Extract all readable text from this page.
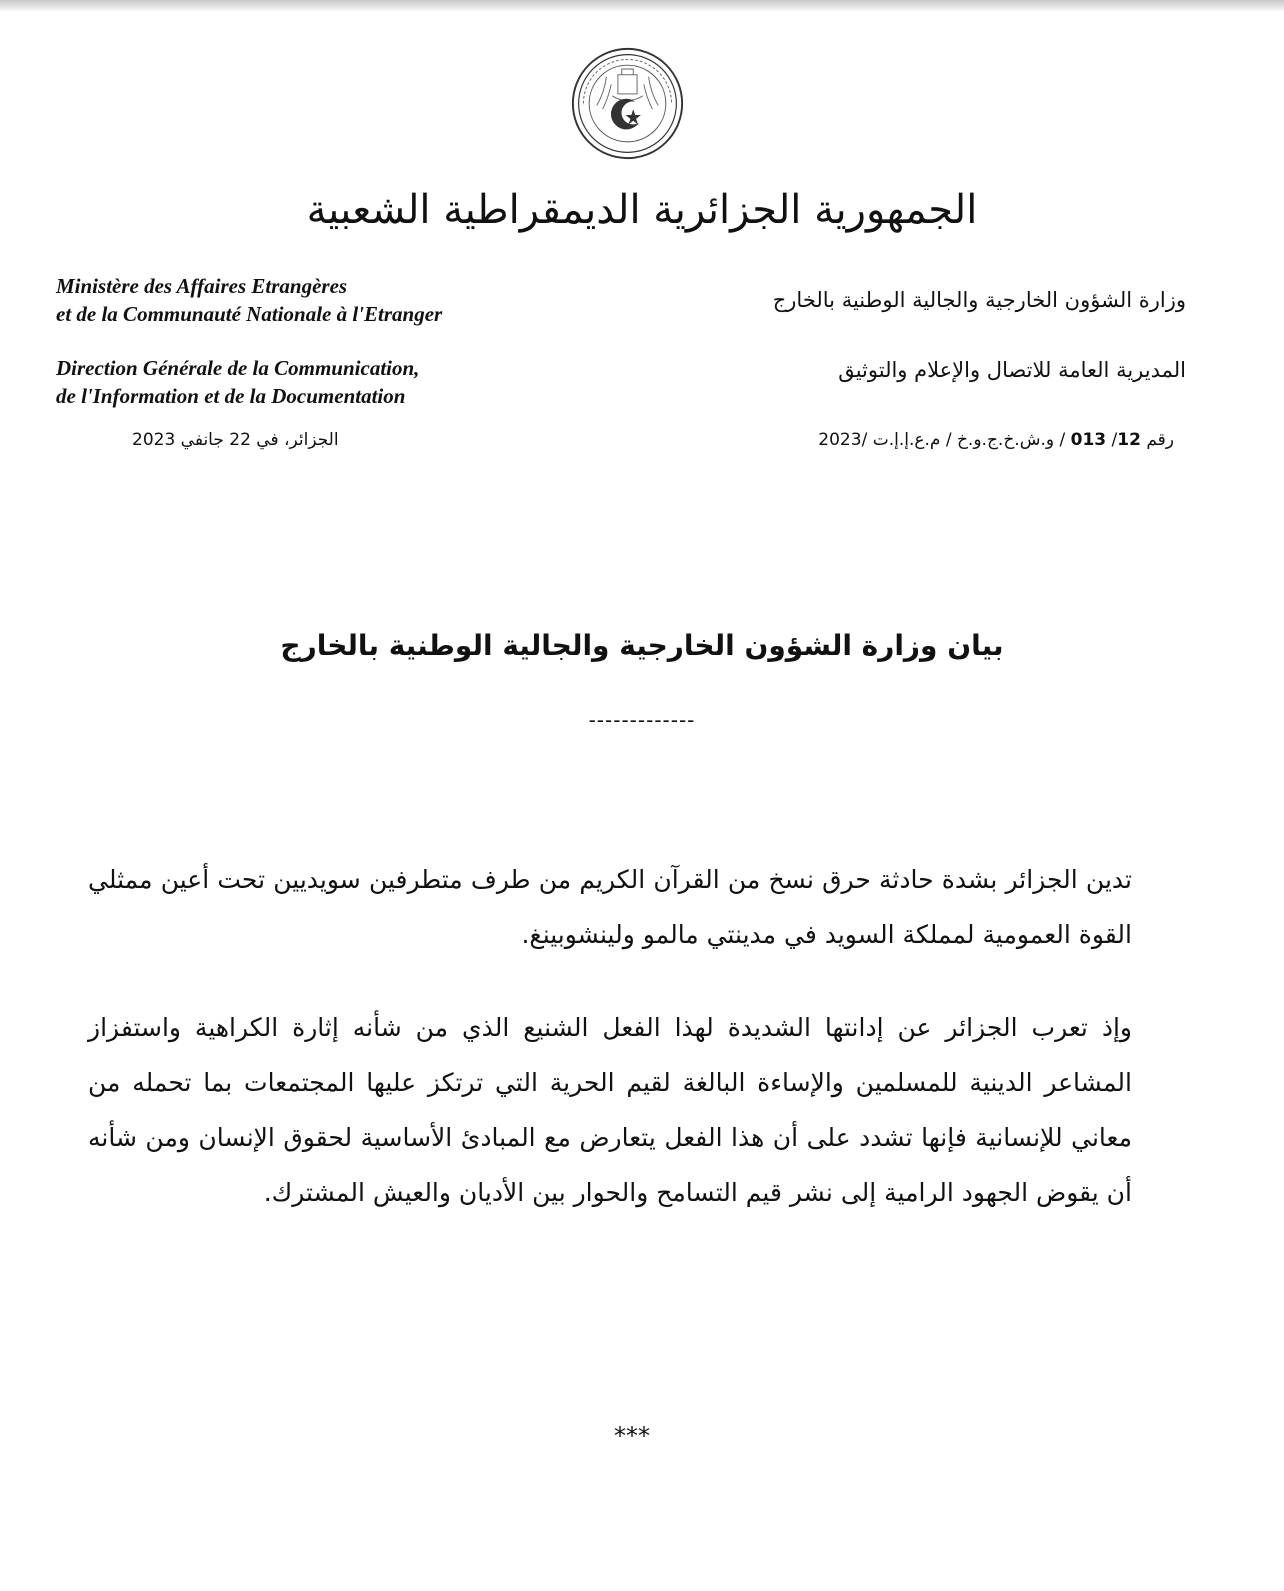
الجمهورية الجزائرية الديمقراطية الشعبية
Ministère des Affaires Etrangères
et de la Communauté Nationale à l'Etranger
Direction Générale de la Communication,
de l'Information et de la Documentation
وزارة الشؤون الخارجية والجالية الوطنية بالخارج
المديرية العامة للاتصال والإعلام والتوثيق
رقم 12/ 013 / و.ش.خ.ج.و.خ / م.ع.إ.إ.ت /2023
الجزائر، في 22 جانفي 2023
بيان وزارة الشؤون الخارجية والجالية الوطنية بالخارج
-------------

تدين الجزائر بشدة حادثة حرق نسخ من القرآن الكريم من طرف متطرفين سويديين تحت أعين ممثلي القوة العمومية لمملكة السويد في مدينتي مالمو ولينشوبينغ.

وإذ تعرب الجزائر عن إدانتها الشديدة لهذا الفعل الشنيع الذي من شأنه إثارة الكراهية واستفزاز المشاعر الدينية للمسلمين والإساءة البالغة لقيم الحرية التي ترتكز عليها المجتمعات بما تحمله من معاني للإنسانية فإنها تشدد على أن هذا الفعل يتعارض مع المبادئ الأساسية لحقوق الإنسان ومن شأنه أن يقوض الجهود الرامية إلى نشر قيم التسامح والحوار بين الأديان والعيش المشترك.

***
